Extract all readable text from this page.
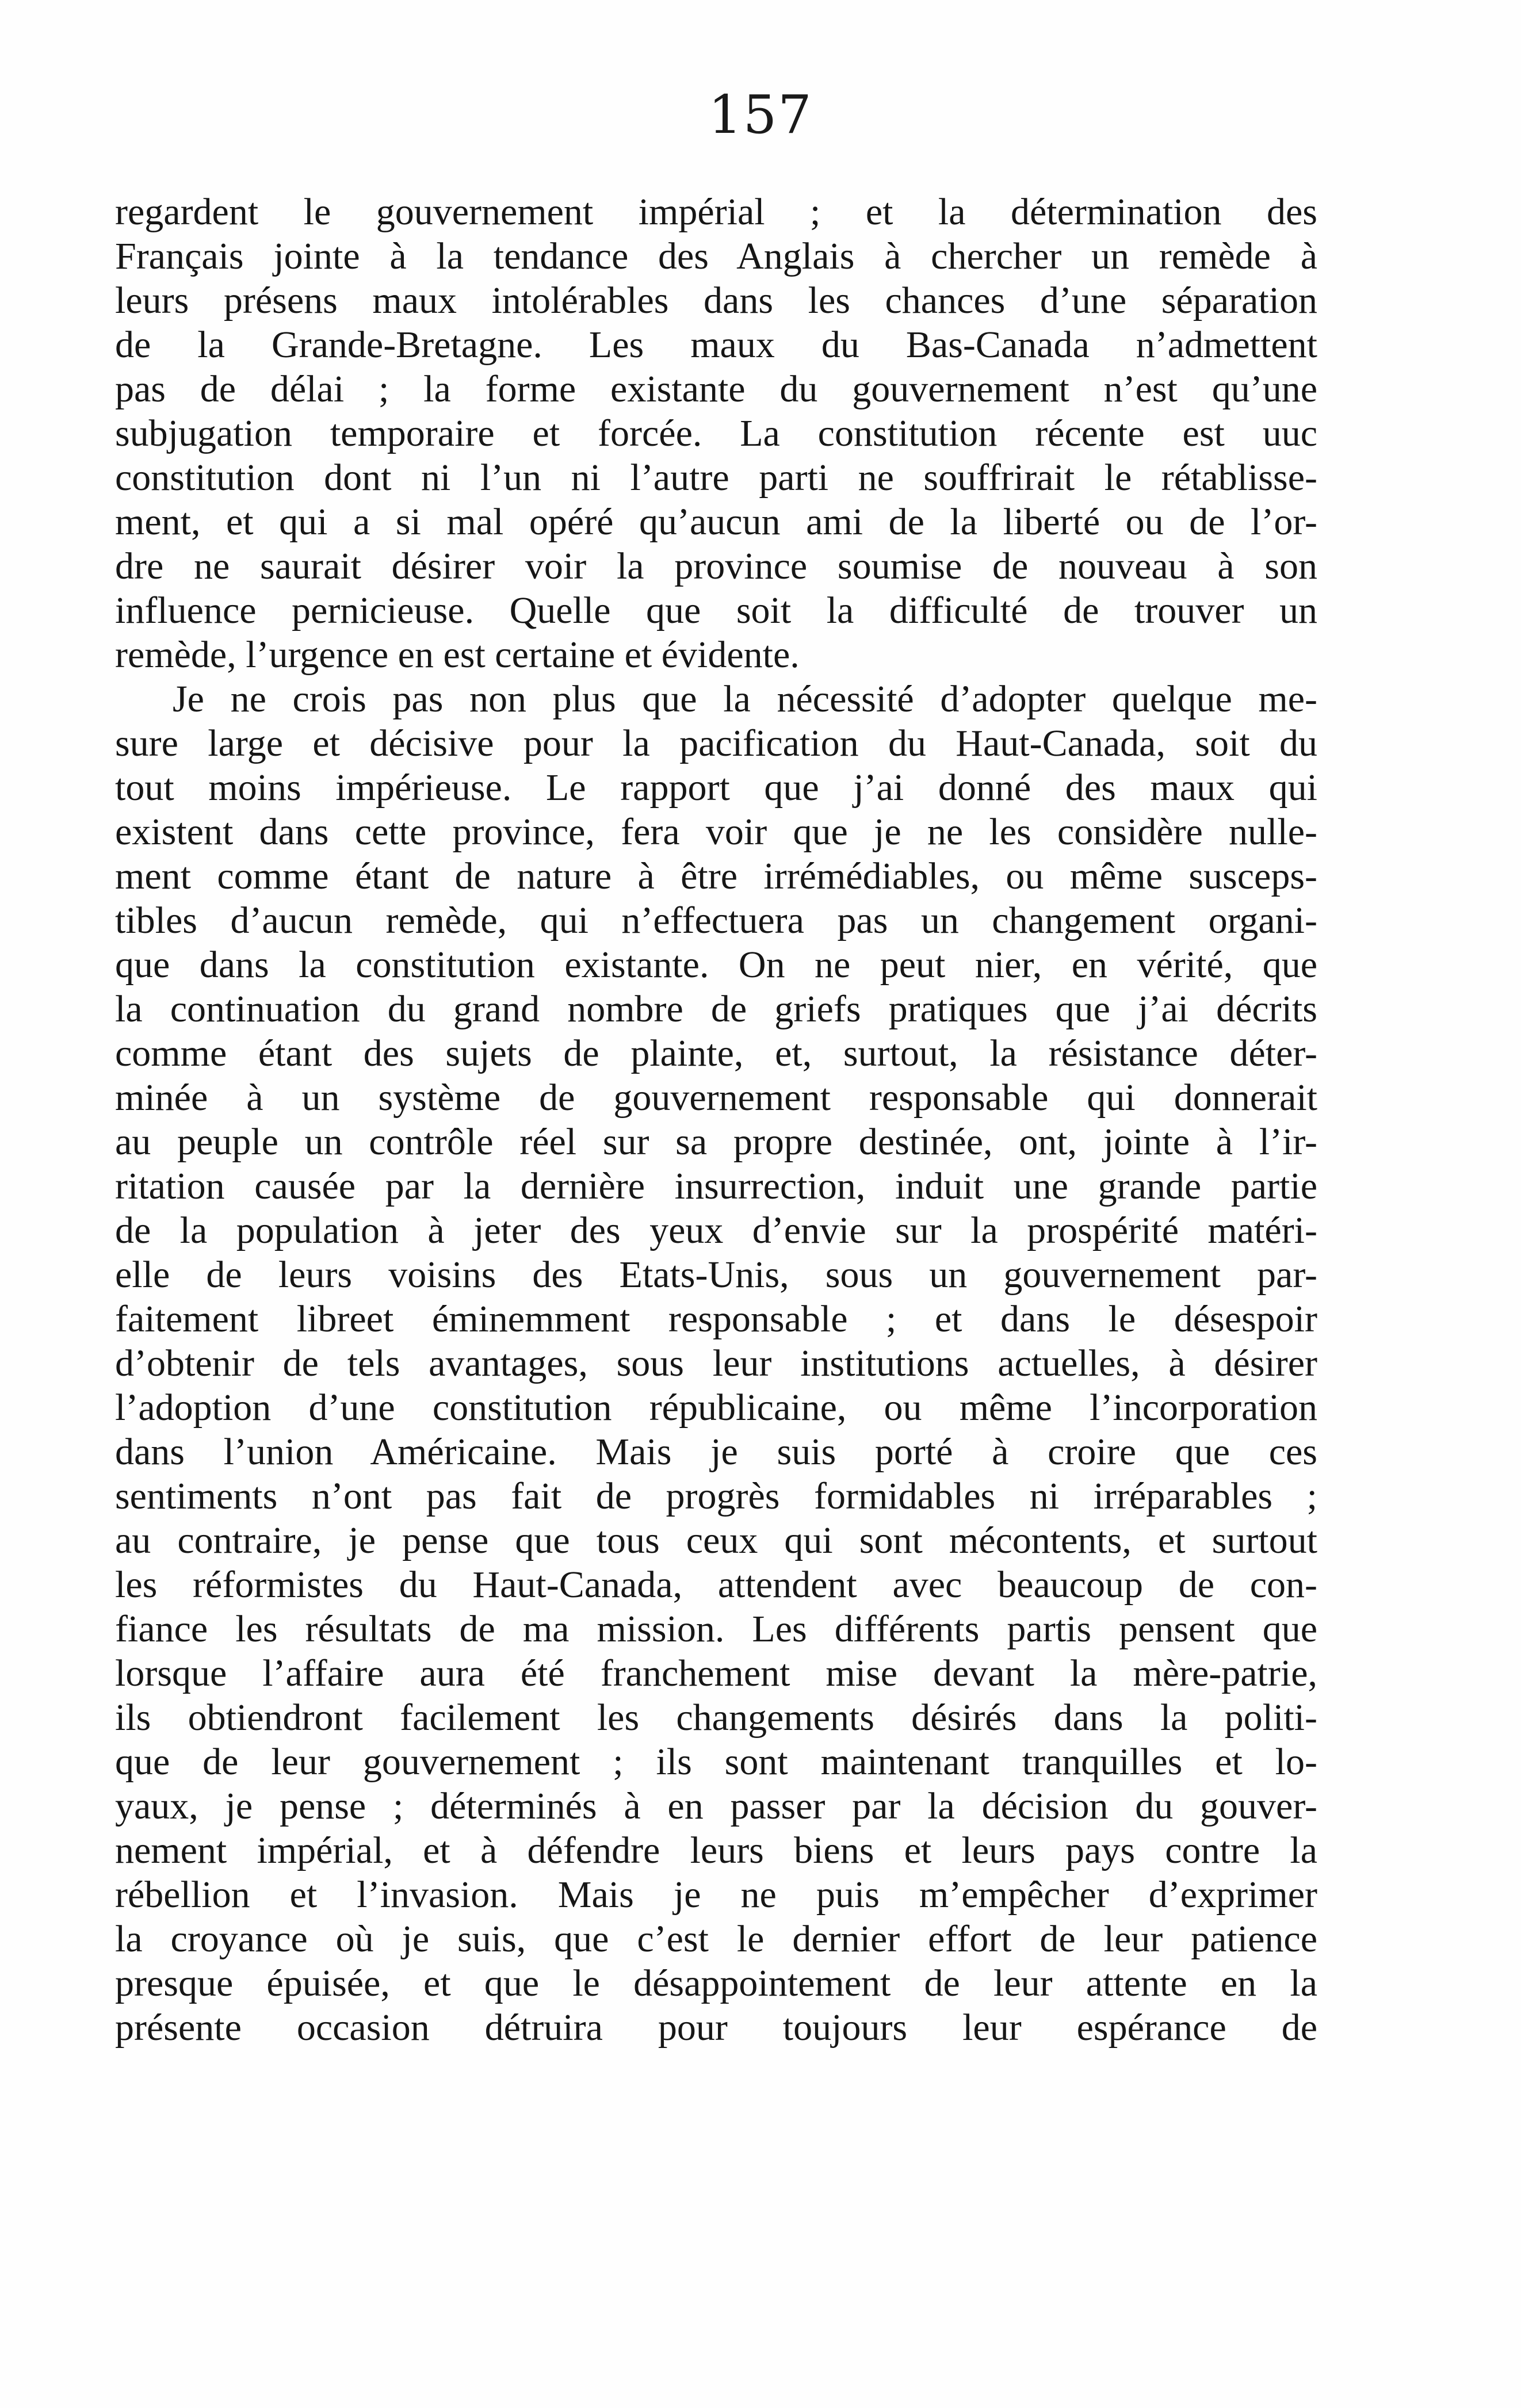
157
regardent le gouvernement impérial ; et la détermination des
Français jointe à la tendance des Anglais à chercher un remède à
leurs présens maux intolérables dans les chances d’une séparation
de la Grande-Bretagne. Les maux du Bas-Canada n’admettent
pas de délai ; la forme existante du gouvernement n’est qu’une
subjugation temporaire et forcée. La constitution récente est uuc
constitution dont ni l’un ni l’autre parti ne souffrirait le rétablisse-
ment, et qui a si mal opéré qu’aucun ami de la liberté ou de l’or-
dre ne saurait désirer voir la province soumise de nouveau à son
influence pernicieuse. Quelle que soit la difficulté de trouver un
remède, l’urgence en est certaine et évidente.
Je ne crois pas non plus que la nécessité d’adopter quelque me-
sure large et décisive pour la pacification du Haut-Canada, soit du
tout moins impérieuse. Le rapport que j’ai donné des maux qui
existent dans cette province, fera voir que je ne les considère nulle-
ment comme étant de nature à être irrémédiables, ou même susceps-
tibles d’aucun remède, qui n’effectuera pas un changement organi-
que dans la constitution existante. On ne peut nier, en vérité, que
la continuation du grand nombre de griefs pratiques que j’ai décrits
comme étant des sujets de plainte, et, surtout, la résistance déter-
minée à un système de gouvernement responsable qui donnerait
au peuple un contrôle réel sur sa propre destinée, ont, jointe à l’ir-
ritation causée par la dernière insurrection, induit une grande partie
de la population à jeter des yeux d’envie sur la prospérité matéri-
elle de leurs voisins des Etats-Unis, sous un gouvernement par-
faitement libreet éminemment responsable ; et dans le désespoir
d’obtenir de tels avantages, sous leur institutions actuelles, à désirer
l’adoption d’une constitution républicaine, ou même l’incorporation
dans l’union Américaine. Mais je suis porté à croire que ces
sentiments n’ont pas fait de progrès formidables ni irréparables ;
au contraire, je pense que tous ceux qui sont mécontents, et surtout
les réformistes du Haut-Canada, attendent avec beaucoup de con-
fiance les résultats de ma mission. Les différents partis pensent que
lorsque l’affaire aura été franchement mise devant la mère-patrie,
ils obtiendront facilement les changements désirés dans la politi-
que de leur gouvernement ; ils sont maintenant tranquilles et lo-
yaux, je pense ; déterminés à en passer par la décision du gouver-
nement impérial, et à défendre leurs biens et leurs pays contre la
rébellion et l’invasion. Mais je ne puis m’empêcher d’exprimer
la croyance où je suis, que c’est le dernier effort de leur patience
presque épuisée, et que le désappointement de leur attente en la
présente occasion détruira pour toujours leur espérance de
